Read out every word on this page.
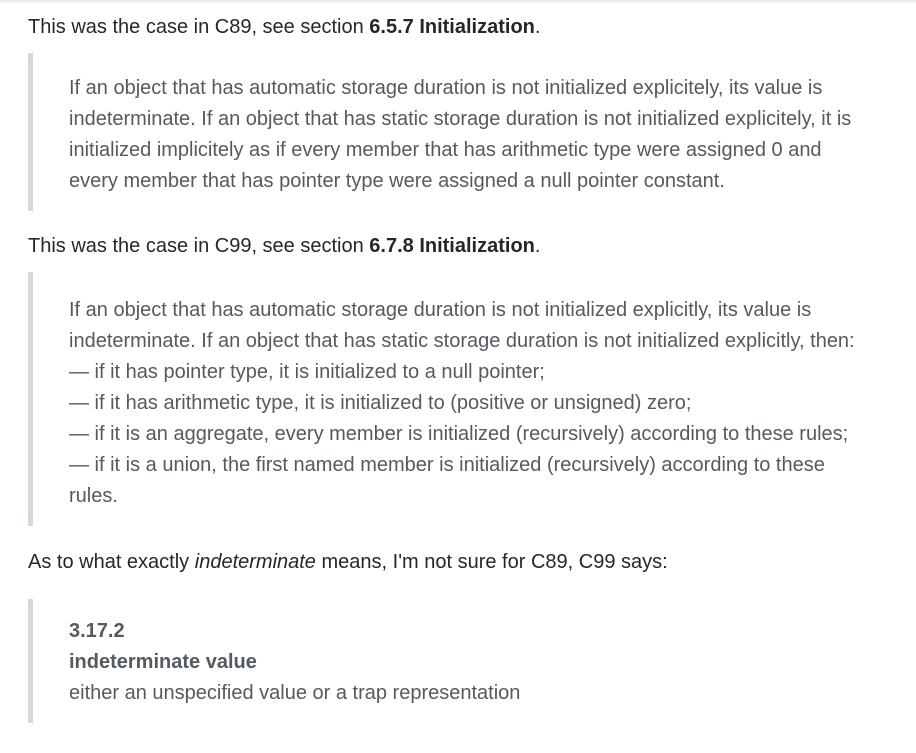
This was the case in C89, see section 6.5.7 Initialization.

If an object that has automatic storage duration is not initialized explicitely, its value is
indeterminate. If an object that has static storage duration is not initialized explicitely, it is
initialized implicitely as if every member that has arithmetic type were assigned 0 and
every member that has pointer type were assigned a null pointer constant.

This was the case in C99, see section 6.7.8 Initialization.

If an object that has automatic storage duration is not initialized explicitly, its value is
indeterminate. If an object that has static storage duration is not initialized explicitly, then:
— if it has pointer type, it is initialized to a null pointer;
— if it has arithmetic type, it is initialized to (positive or unsigned) zero;
— if it is an aggregate, every member is initialized (recursively) according to these rules;
— if it is a union, the first named member is initialized (recursively) according to these
rules.

As to what exactly indeterminate means, I'm not sure for C89, C99 says:

3.17.2
indeterminate value
either an unspecified value or a trap representation
